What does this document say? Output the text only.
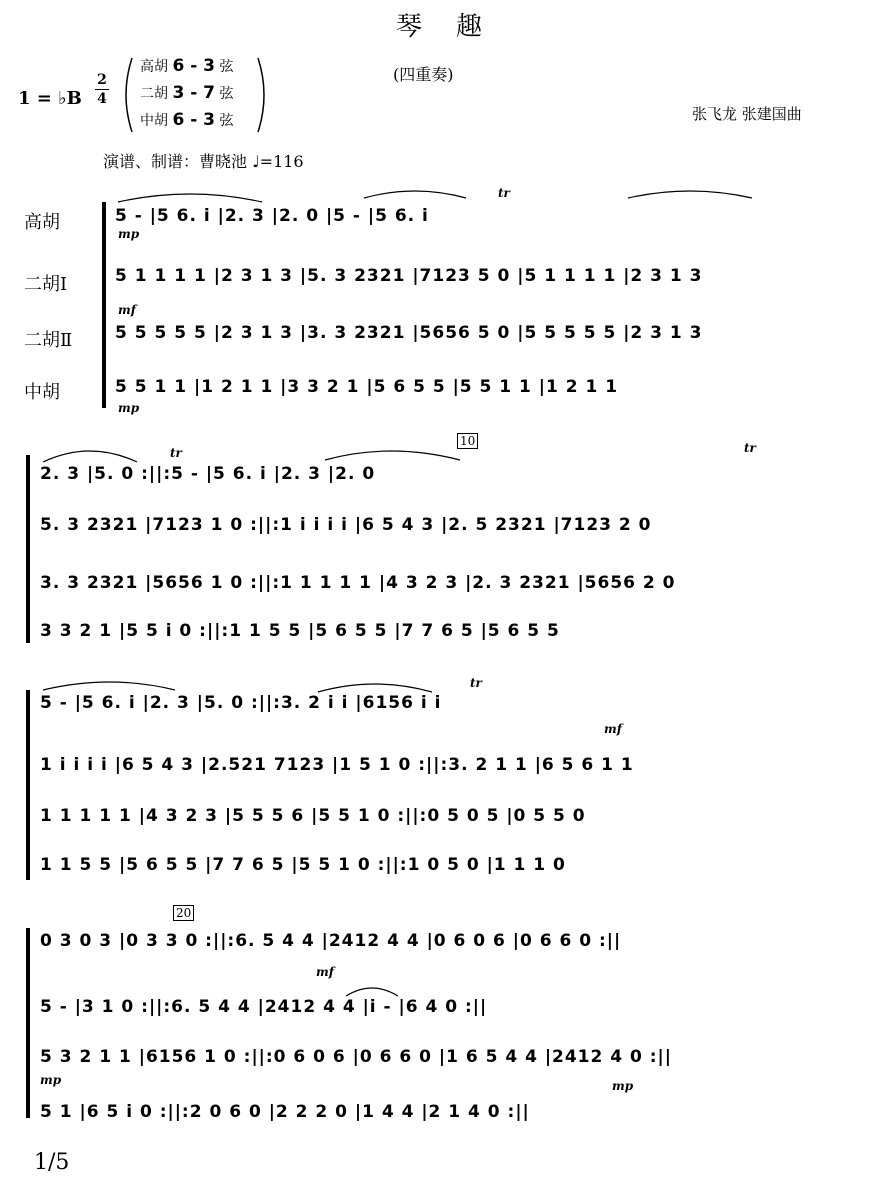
琴 趣
(四重奏)
张飞龙 张建国曲
1 = ♭B
2
4
高胡 6 - 3 弦
二胡 3 - 7 弦
中胡 6 - 3 弦
演谱、制谱：曹晓池 ♩=116
高胡
二胡Ⅰ
二胡Ⅱ
中胡
5 - |5 6. i |2. 3 |2. 0 |5 - |5 6. i
5 1 1 1 1 |2 3 1 3 |5. 3 2321 |7123 5 0 |5 1 1 1 1 |2 3 1 3
5 5 5 5 5 |2 3 1 3 |3. 3 2321 |5656 5 0 |5 5 5 5 5 |2 3 1 3
5 5 1 1 |1 2 1 1 |3 3 2 1 |5 6 5 5 |5 5 1 1 |1 2 1 1
mp
mf
mp
tr
10
2. 3 |5. 0 :||:5 - |5 6. i |2. 3 |2. 0
5. 3 2321 |7123 1 0 :||:1 i i i i |6 5 4 3 |2. 5 2321 |7123 2 0
3. 3 2321 |5656 1 0 :||:1 1 1 1 1 |4 3 2 3 |2. 3 2321 |5656 2 0
3 3 2 1 |5 5 i 0 :||:1 1 5 5 |5 6 5 5 |7 7 6 5 |5 6 5 5
tr	tr
5 - |5 6. i |2. 3 |5. 0 :||:3. 2 i i |6156 i i
1 i i i i |6 5 4 3 |2.521 7123 |1 5 1 0 :||:3. 2 1 1 |6 5 6 1 1
1 1 1 1 1 |4 3 2 3 |5 5 5 6 |5 5 1 0 :||:0 5 0 5 |0 5 5 0
1 1 5 5 |5 6 5 5 |7 7 6 5 |5 5 1 0 :||:1 0 5 0 |1 1 1 0
mf
tr
20
0 3 0 3 |0 3 3 0 :||:6. 5 4 4 |2412 4 4 |0 6 0 6 |0 6 6 0 :||
5 - |3 1 0 :||:6. 5 4 4 |2412 4 4 |i - |6 4 0 :||
5 3 2 1 1 |6156 1 0 :||:0 6 0 6 |0 6 6 0 |1 6 5 4 4 |2412 4 0 :||
5 1 |6 5 i 0 :||:2 0 6 0 |2 2 2 0 |1 4 4 |2 1 4 0 :||
mf
mp	mp
1/5
